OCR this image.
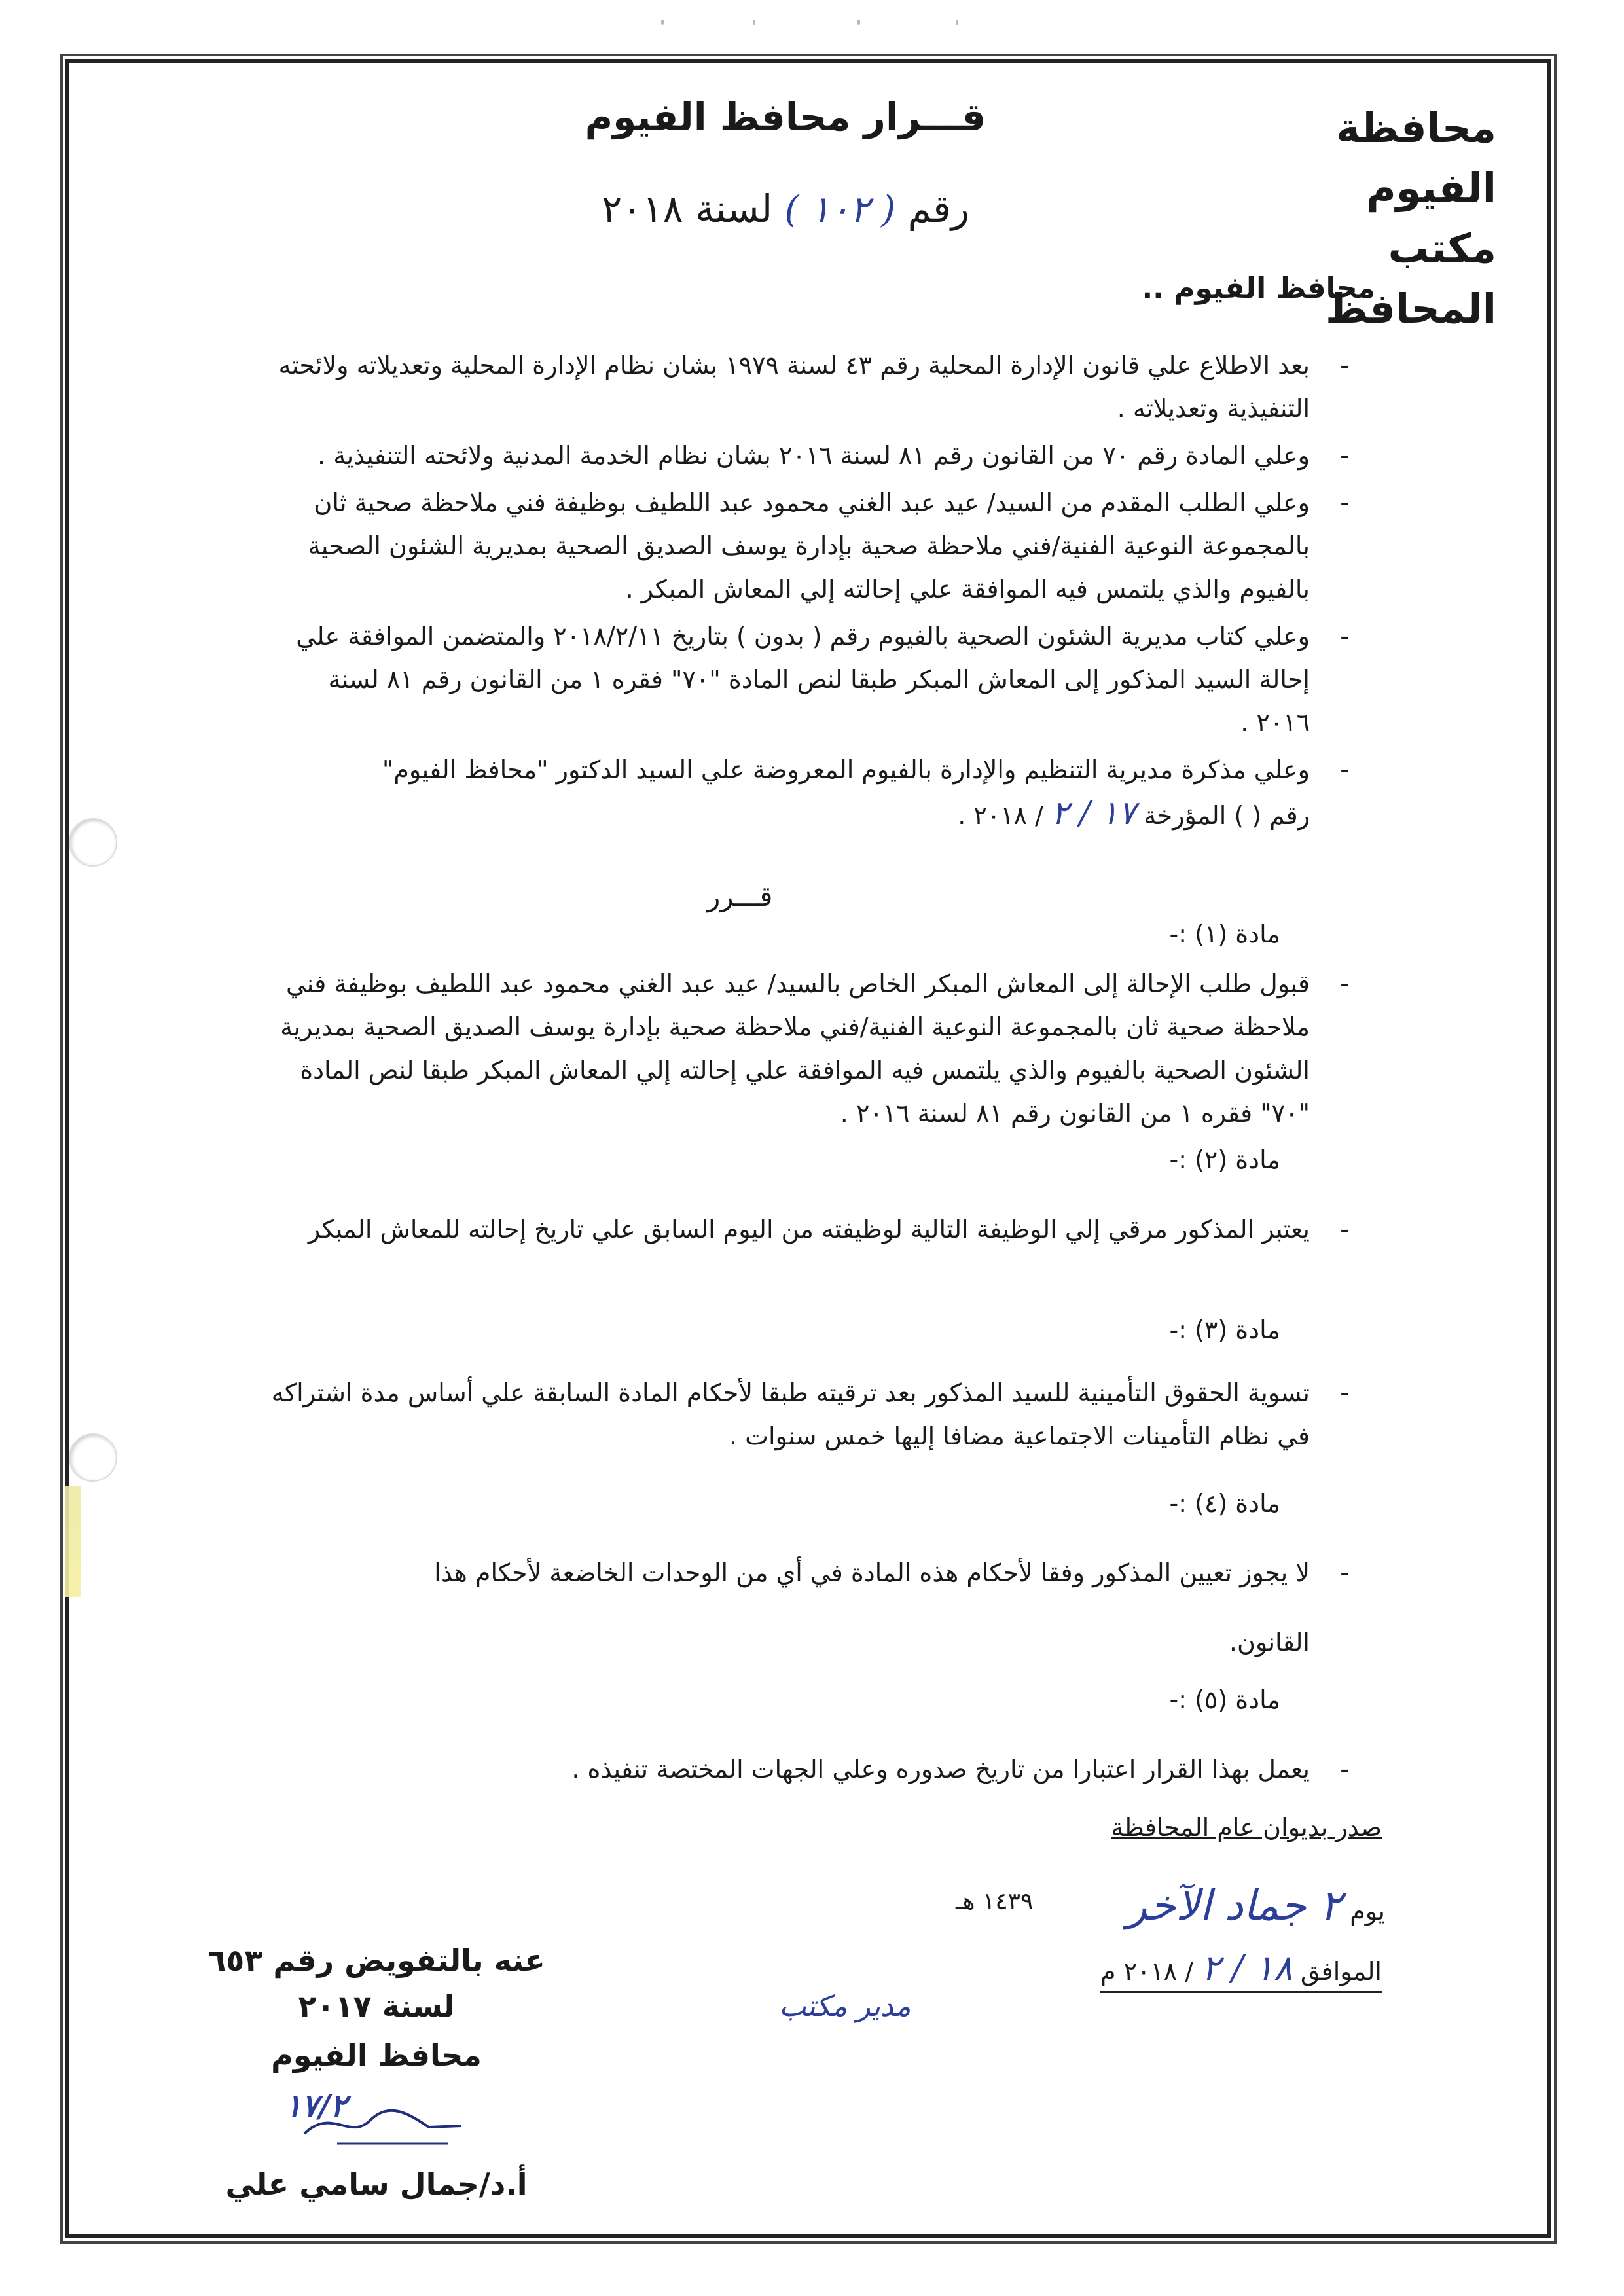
محافظة الفيوم
مكتب المحافظ
قـــرار محافظ الفيوم
رقم ( ١٠٢ ) لسنة ٢٠١٨
محافظ الفيوم ..
-

بعد الاطلاع علي قانون الإدارة المحلية رقم ٤٣ لسنة ١٩٧٩ بشان نظام الإدارة المحلية وتعديلاته ولائحته التنفيذية وتعديلاته .

-

وعلي المادة رقم ٧٠ من القانون رقم ٨١ لسنة ٢٠١٦ بشان نظام الخدمة المدنية ولائحته التنفيذية .

-

وعلي الطلب المقدم من السيد/ عيد عبد الغني محمود عبد اللطيف بوظيفة فني ملاحظة صحية ثان بالمجموعة النوعية الفنية/فني ملاحظة صحية بإدارة يوسف الصديق الصحية بمديرية الشئون الصحية بالفيوم والذي يلتمس فيه الموافقة علي إحالته إلي المعاش المبكر .

-

وعلي كتاب مديرية الشئون الصحية بالفيوم رقم ( بدون ) بتاريخ ٢٠١٨/٢/١١ والمتضمن الموافقة علي إحالة السيد المذكور إلى المعاش المبكر طبقا لنص المادة "٧٠" فقره ١ من القانون رقم ٨١ لسنة ٢٠١٦ .

-

وعلي مذكرة مديرية التنظيم والإدارة بالفيوم المعروضة علي السيد الدكتور "محافظ الفيوم"

رقم ( ) المؤرخة ١٧ / ٢ / ٢٠١٨ .

قـــرر
مادة (١) :-
-

قبول طلب الإحالة إلى المعاش المبكر الخاص بالسيد/ عيد عبد الغني محمود عبد اللطيف بوظيفة فني ملاحظة صحية ثان بالمجموعة النوعية الفنية/فني ملاحظة صحية بإدارة يوسف الصديق الصحية بمديرية الشئون الصحية بالفيوم والذي يلتمس فيه الموافقة علي إحالته إلي المعاش المبكر طبقا لنص المادة "٧٠" فقره ١ من القانون رقم ٨١ لسنة ٢٠١٦ .

مادة (٢) :-
-

يعتبر المذكور مرقي إلي الوظيفة التالية لوظيفته من اليوم السابق علي تاريخ إحالته للمعاش المبكر

مادة (٣) :-
-

تسوية الحقوق التأمينية للسيد المذكور بعد ترقيته طبقا لأحكام المادة السابقة علي أساس مدة اشتراكه في نظام التأمينات الاجتماعية مضافا إليها خمس سنوات .

مادة (٤) :-
-

لا يجوز تعيين المذكور وفقا لأحكام هذه المادة في أي من الوحدات الخاضعة لأحكام هذا

القانون.

مادة (٥) :-
-

يعمل بهذا القرار اعتبارا من تاريخ صدوره وعلي الجهات المختصة تنفيذه .

صدر بديوان عام المحافظة
يوم ٢ جماد الآخر
١٤٣٩ هـ
الموافق ١٨ / ٢ / ٢٠١٨ م
مدير مكتب
عنه بالتفويض رقم ٦٥٣ لسنة ٢٠١٧
محافظ الفيوم
١٧/٢
أ.د/جمال سامي علي
